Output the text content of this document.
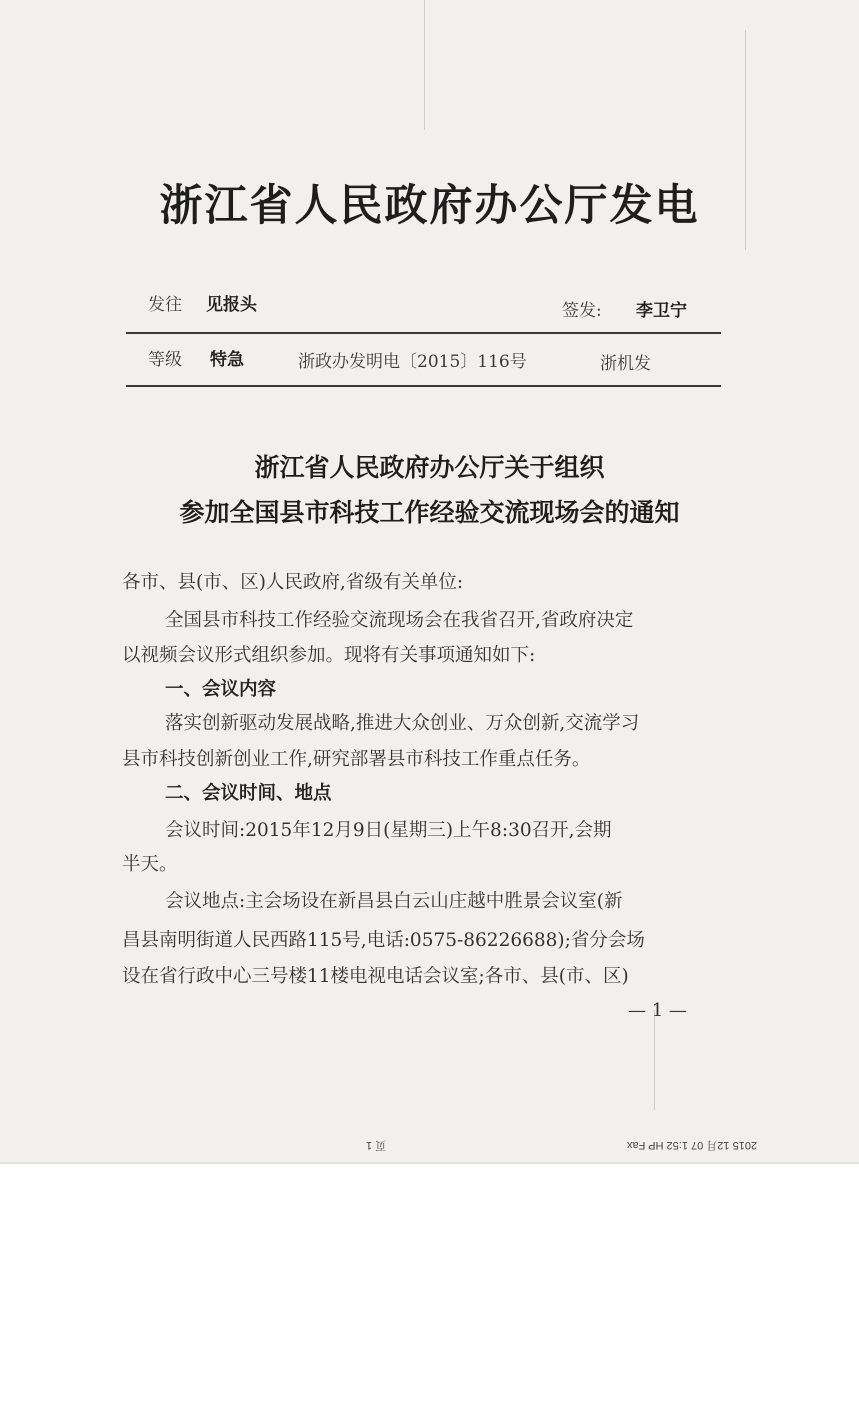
浙江省人民政府办公厅发电
发往 见报头	签发: 李卫宁
等级 特急	浙政办发明电〔2015〕116号	浙机发
浙江省人民政府办公厅关于组织
参加全国县市科技工作经验交流现场会的通知
各市、县(市、区)人民政府,省级有关单位:
全国县市科技工作经验交流现场会在我省召开,省政府决定
以视频会议形式组织参加。现将有关事项通知如下:
一、会议内容
落实创新驱动发展战略,推进大众创业、万众创新,交流学习
县市科技创新创业工作,研究部署县市科技工作重点任务。
二、会议时间、地点
会议时间:2015年12月9日(星期三)上午8:30召开,会期
半天。
会议地点:主会场设在新昌县白云山庄越中胜景会议室(新
昌县南明街道人民西路115号,电话:0575-86226688);省分会场
设在省行政中心三号楼11楼电视电话会议室;各市、县(市、区)
— 1 —
页 1	2015 12月 07 1:52 HP Fax
